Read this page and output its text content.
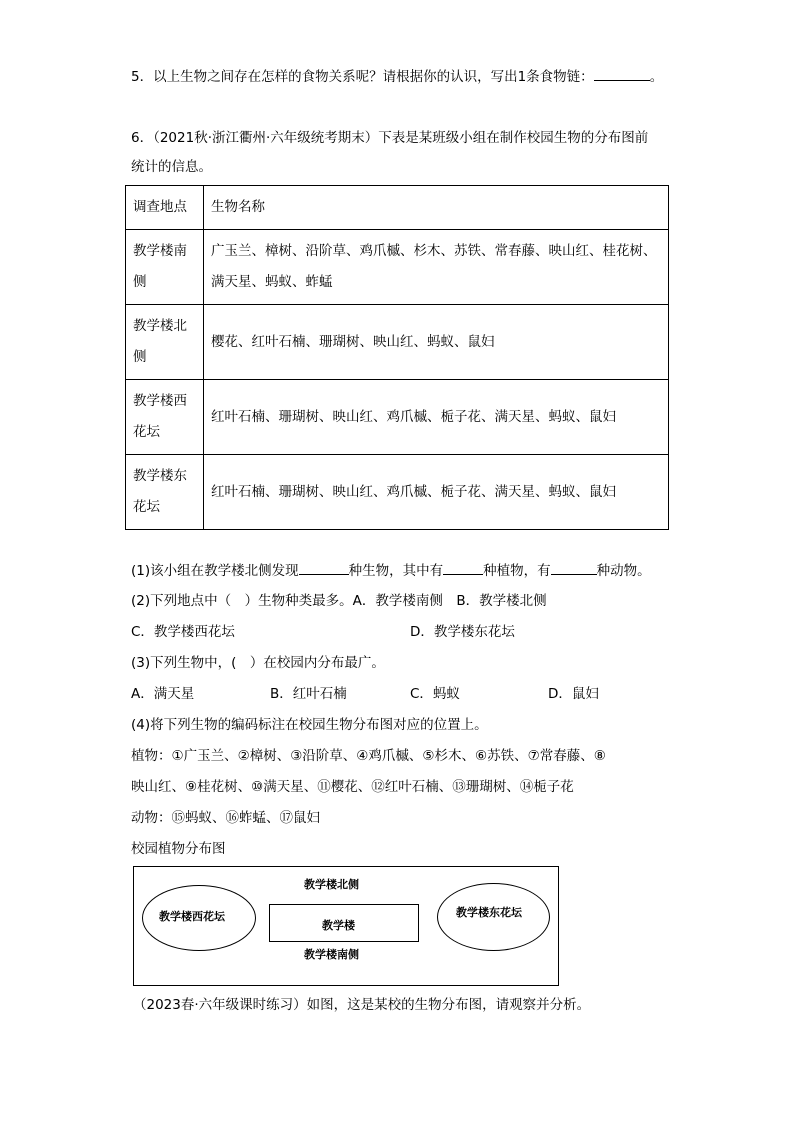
5．以上生物之间存在怎样的食物关系呢？请根据你的认识，写出1条食物链：	。
6．（2021秋·浙江衢州·六年级统考期末）下表是某班级小组在制作校园生物的分布图前
统计的信息。
调查地点	生物名称
教学楼南
侧	广玉兰、樟树、沿阶草、鸡爪槭、杉木、苏铁、常春藤、映山红、桂花树、
满天星、蚂蚁、蚱蜢
教学楼北
侧	樱花、红叶石楠、珊瑚树、映山红、蚂蚁、鼠妇
教学楼西
花坛	红叶石楠、珊瑚树、映山红、鸡爪槭、栀子花、满天星、蚂蚁、鼠妇
教学楼东
花坛	红叶石楠、珊瑚树、映山红、鸡爪槭、栀子花、满天星、蚂蚁、鼠妇
(1)该小组在教学楼北侧发现	种生物，其中有	种植物，有	种动物。
(2)下列地点中（　）生物种类最多。A．教学楼南侧　B．教学楼北侧
C．教学楼西花坛	D．教学楼东花坛
(3)下列生物中，(　）在校园内分布最广。
A．满天星	B．红叶石楠	C．蚂蚁	D．鼠妇
(4)将下列生物的编码标注在校园生物分布图对应的位置上。
植物：①广玉兰、②樟树、③沿阶草、④鸡爪槭、⑤杉木、⑥苏铁、⑦常春藤、⑧
映山红、⑨桂花树、⑩满天星、⑪樱花、⑫红叶石楠、⑬珊瑚树、⑭栀子花
动物：⑮蚂蚁、⑯蚱蜢、⑰鼠妇
校园植物分布图
教学楼北侧
教学楼西花坛
教学楼
教学楼东花坛
教学楼南侧
（2023春·六年级课时练习）如图，这是某校的生物分布图，请观察并分析。
